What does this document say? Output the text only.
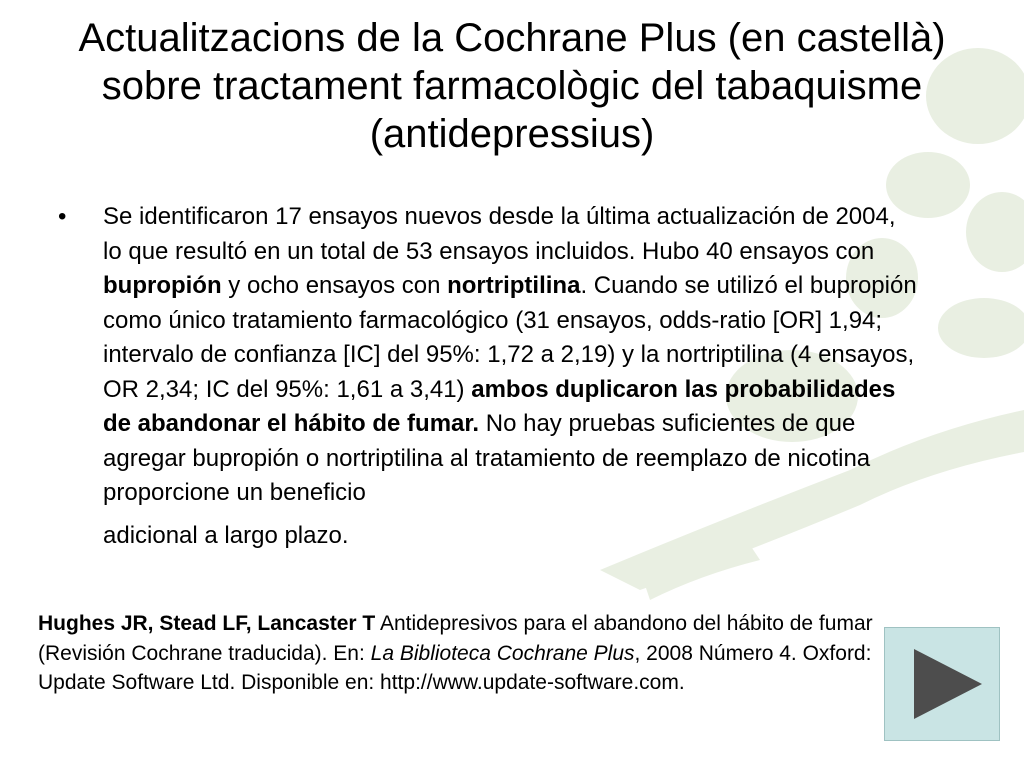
Actualitzacions de la Cochrane Plus (en castellà) sobre tractament farmacològic del tabaquisme (antidepressius)
• Se identificaron 17 ensayos nuevos desde la última actualización de 2004, lo que resultó en un total de 53 ensayos incluidos. Hubo 40 ensayos con bupropión y ocho ensayos con nortriptilina. Cuando se utilizó el bupropión como único tratamiento farmacológico (31 ensayos, odds-ratio [OR] 1,94; intervalo de confianza [IC] del 95%: 1,72 a 2,19) y la nortriptilina (4 ensayos, OR 2,34; IC del 95%: 1,61 a 3,41) ambos duplicaron las probabilidades de abandonar el hábito de fumar. No hay pruebas suficientes de que agregar bupropión o nortriptilina al tratamiento de reemplazo de nicotina proporcione un beneficio
adicional a largo plazo.
Hughes JR, Stead LF, Lancaster T Antidepresivos para el abandono del hábito de fumar (Revisión Cochrane traducida). En: La Biblioteca Cochrane Plus, 2008 Número 4. Oxford: Update Software Ltd. Disponible en: http://www.update-software.com.
